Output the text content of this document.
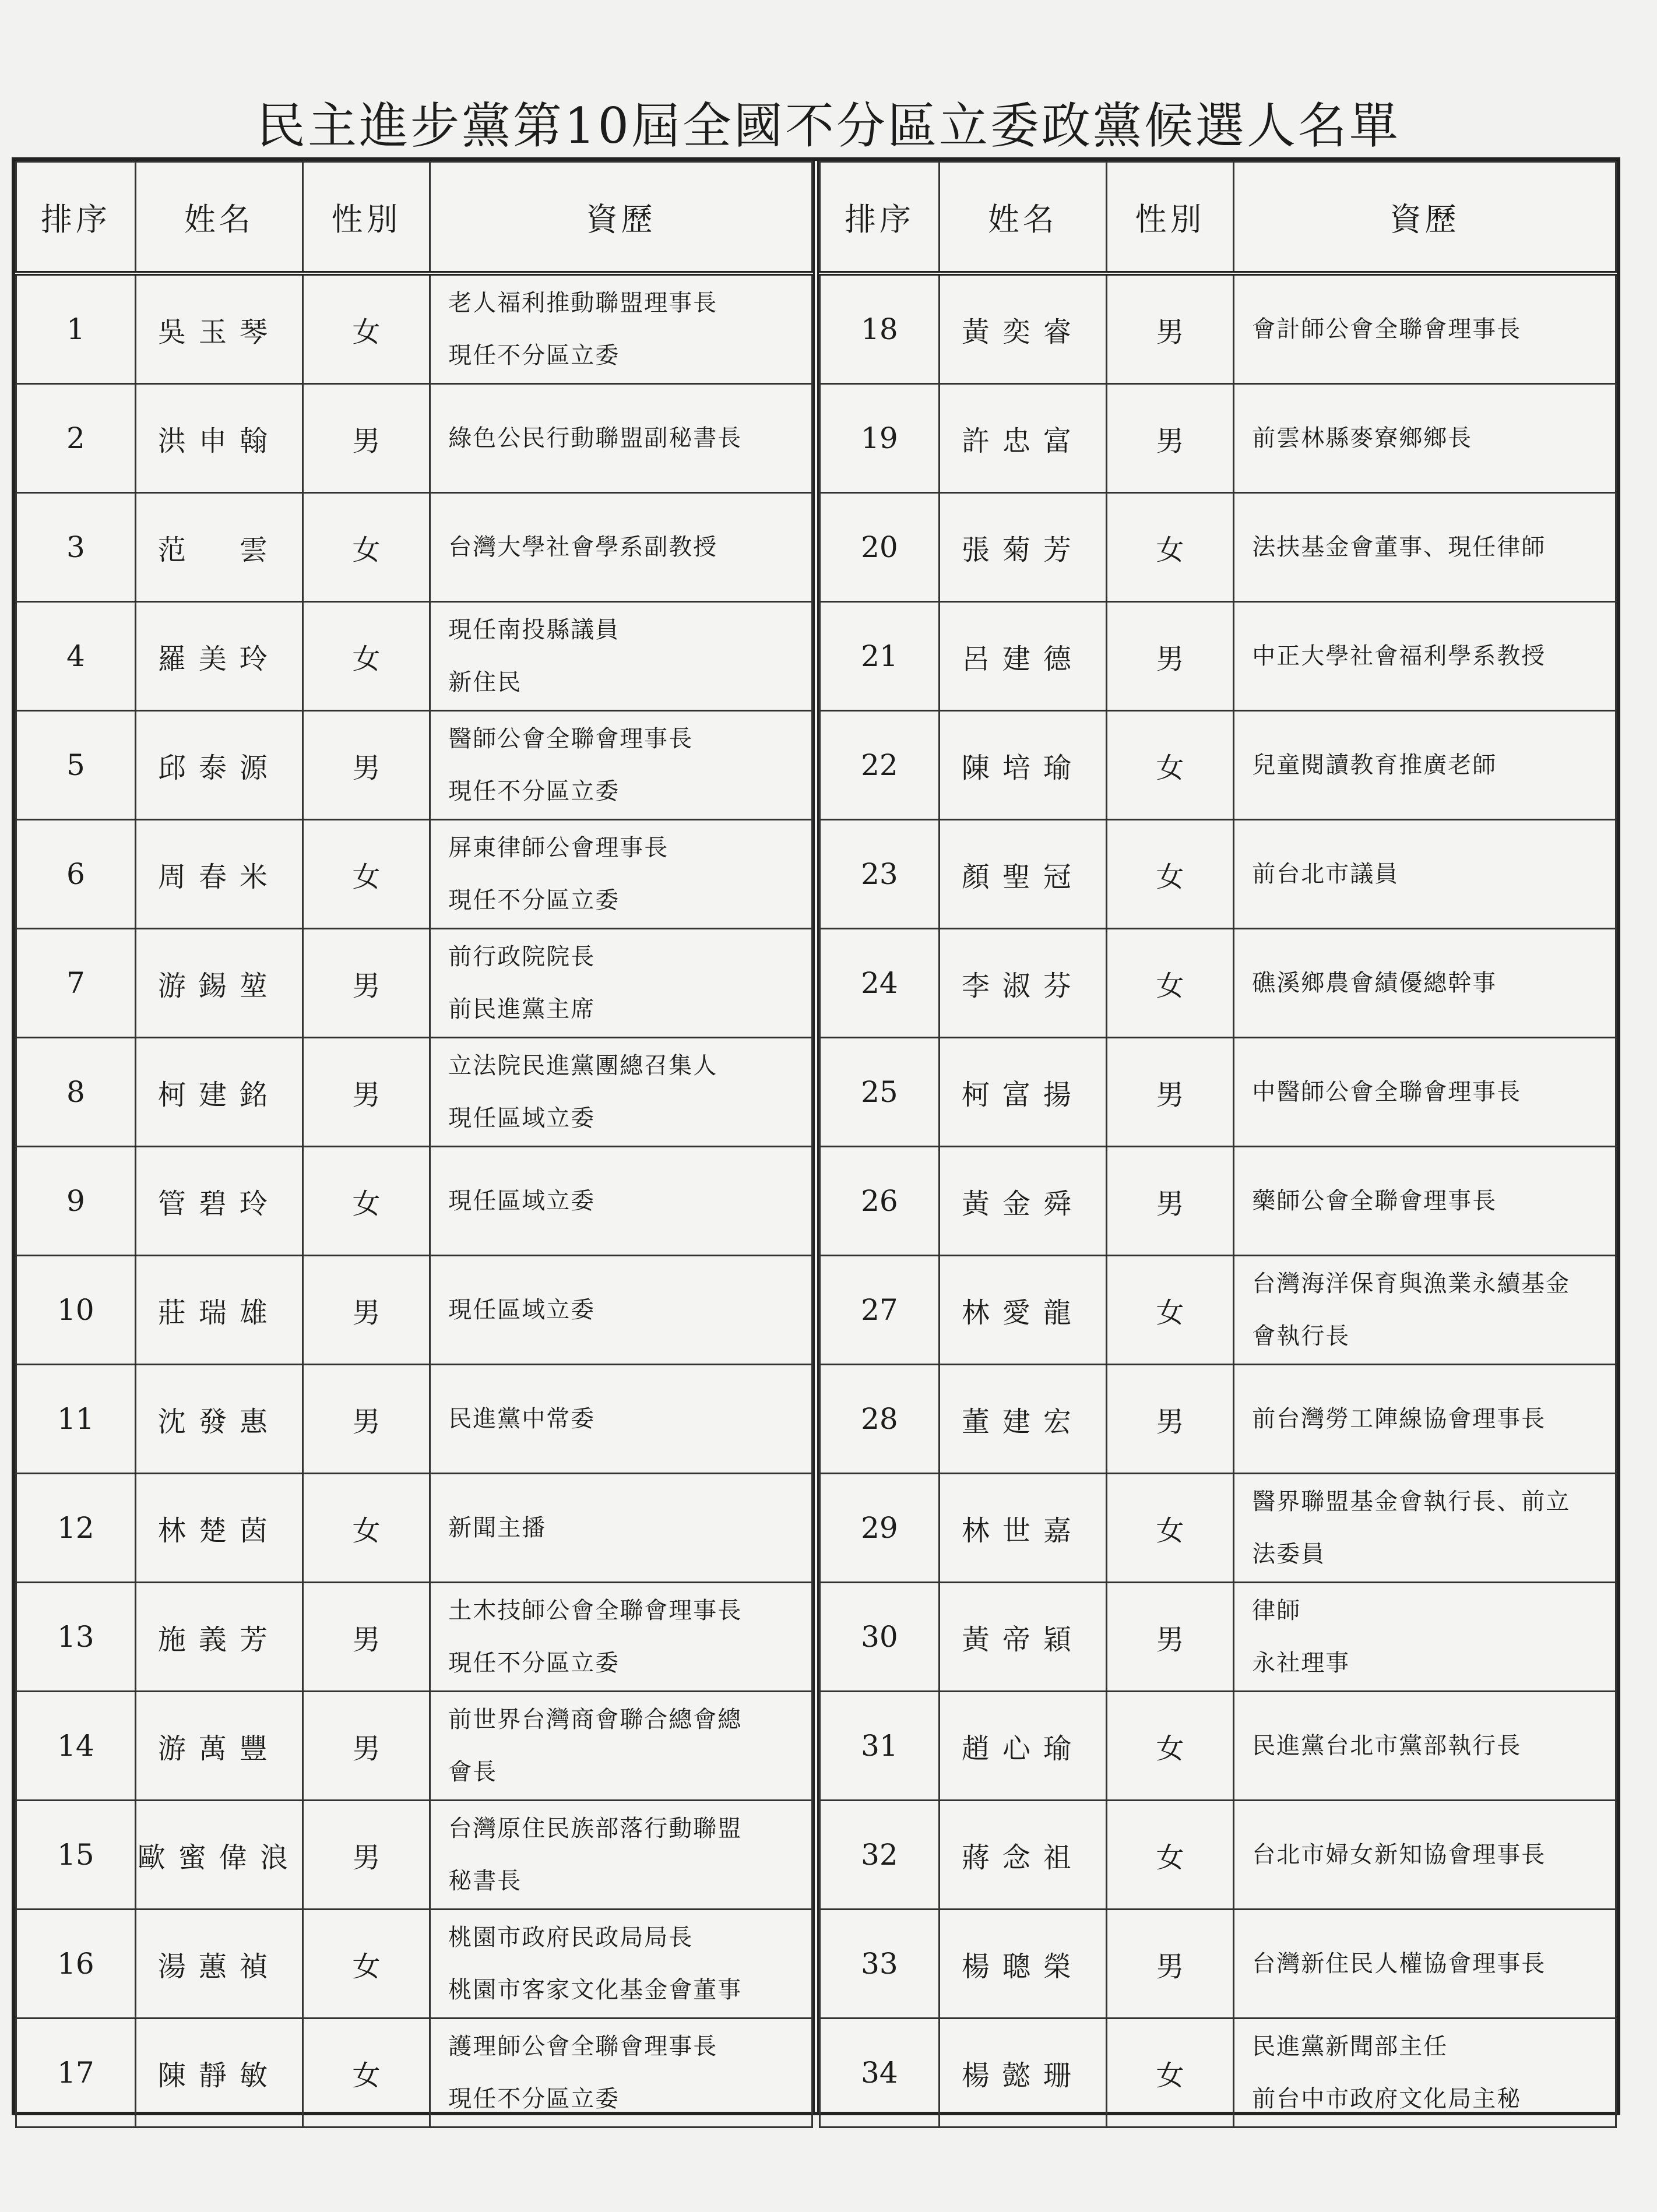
民主進步黨第10屆全國不分區立委政黨候選人名單
排序	姓名	性別	資歷
1	吳玉琴	女	老人福利推動聯盟理事長
現任不分區立委

2	洪申翰	男	綠色公民行動聯盟副秘書長

3	范　雲	女	台灣大學社會學系副教授

4	羅美玲	女	現任南投縣議員
新住民

5	邱泰源	男	醫師公會全聯會理事長
現任不分區立委

6	周春米	女	屏東律師公會理事長
現任不分區立委

7	游錫堃	男	前行政院院長
前民進黨主席

8	柯建銘	男	立法院民進黨團總召集人
現任區域立委

9	管碧玲	女	現任區域立委

10	莊瑞雄	男	現任區域立委

11	沈發惠	男	民進黨中常委

12	林楚茵	女	新聞主播

13	施義芳	男	土木技師公會全聯會理事長
現任不分區立委

14	游萬豐	男	前世界台灣商會聯合總會總
會長

15	歐蜜偉浪	男	台灣原住民族部落行動聯盟
秘書長

16	湯蕙禎	女	桃園市政府民政局局長
桃園市客家文化基金會董事

17	陳靜敏	女	護理師公會全聯會理事長
現任不分區立委
排序	姓名	性別	資歷
18	黃奕睿	男	會計師公會全聯會理事長

19	許忠富	男	前雲林縣麥寮鄉鄉長

20	張菊芳	女	法扶基金會董事、現任律師

21	呂建德	男	中正大學社會福利學系教授

22	陳培瑜	女	兒童閱讀教育推廣老師

23	顏聖冠	女	前台北市議員

24	李淑芬	女	礁溪鄉農會績優總幹事

25	柯富揚	男	中醫師公會全聯會理事長

26	黃金舜	男	藥師公會全聯會理事長

27	林愛龍	女	台灣海洋保育與漁業永續基金
會執行長

28	董建宏	男	前台灣勞工陣線協會理事長

29	林世嘉	女	醫界聯盟基金會執行長、前立
法委員

30	黃帝穎	男	律師
永社理事

31	趙心瑜	女	民進黨台北市黨部執行長

32	蔣念祖	女	台北市婦女新知協會理事長

33	楊聰榮	男	台灣新住民人權協會理事長

34	楊懿珊	女	民進黨新聞部主任
前台中市政府文化局主秘
